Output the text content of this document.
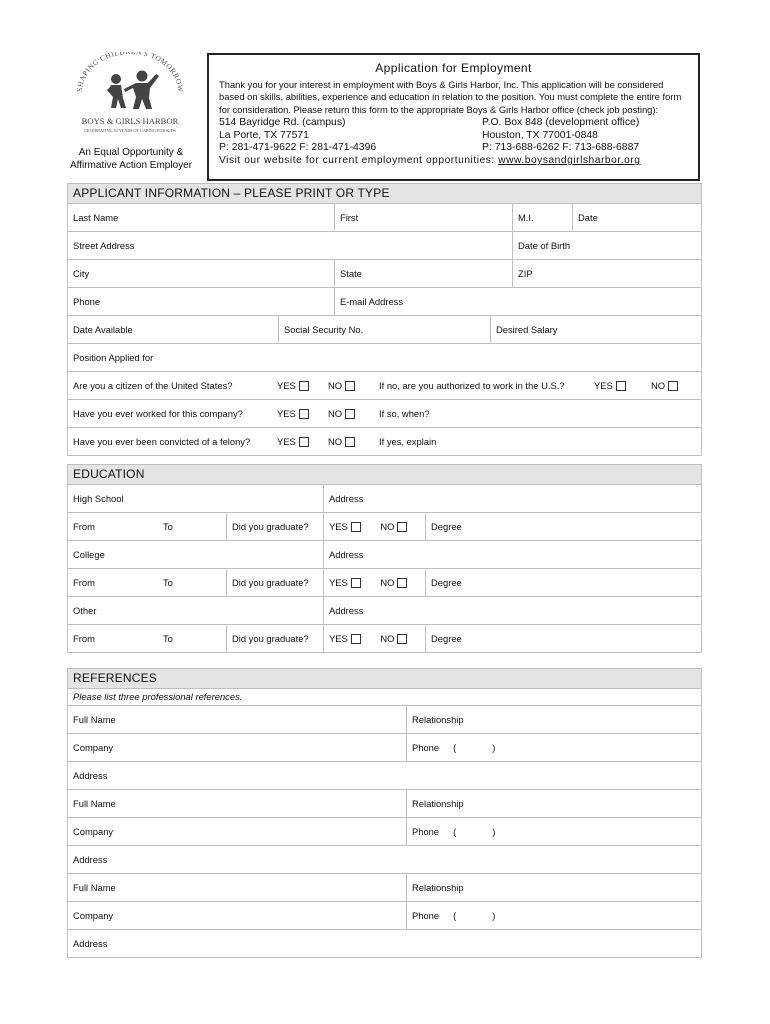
SHAPING CHIL N'S TOMORROW
BOYS & GIRLS HARBOR
CELEBRATING 65 YEARS OF CARING FOR KIDS
An Equal Opportunity &
Affirmative Action Employer
Application for Employment

Thank you for your interest in employment with Boys & Girls Harbor, Inc. This application will be considered based on skills, abilities, experience and education in relation to the position. You must complete the entire form for consideration. Please return this form to the appropriate Boys & Girls Harbor office (check job posting):

514 Bayridge Rd. (campus)
La Porte, TX 77571
P: 281-471-9622 F: 281-471-4396
P.O. Box 848 (development office)
Houston, TX 77001-0848
P: 713-688-6262 F: 713-688-6887
Visit our website for current employment opportunities: www.boysandgirlsharbor.org
APPLICANT INFORMATION – PLEASE PRINT OR TYPE
Last Name	First	M.I.	Date
Street Address	Date of Birth
City	State	ZIP
Phone	E-mail Address
Date Available	Social Security No.	Desired Salary
Position Applied for
Are you a citizen of the United States?	YES	NO	If no, are you authorized to work in the U.S.?	YES	NO
Have you ever worked for this company?	YES	NO	If so, when?
Have you ever been convicted of a felony?	YES	NO	If yes, explain
EDUCATION
High School	Address
From	To	Did you graduate?	YES	NO	Degree
College	Address
From	To	Did you graduate?	YES	NO	Degree
Other	Address
From	To	Did you graduate?	YES	NO	Degree
REFERENCES
Please list three professional references.
Full Name	Relationship
Company	Phone (	)
Address
Full Name	Relationship
Company	Phone (	)
Address
Full Name	Relationship
Company	Phone (	)
Address
